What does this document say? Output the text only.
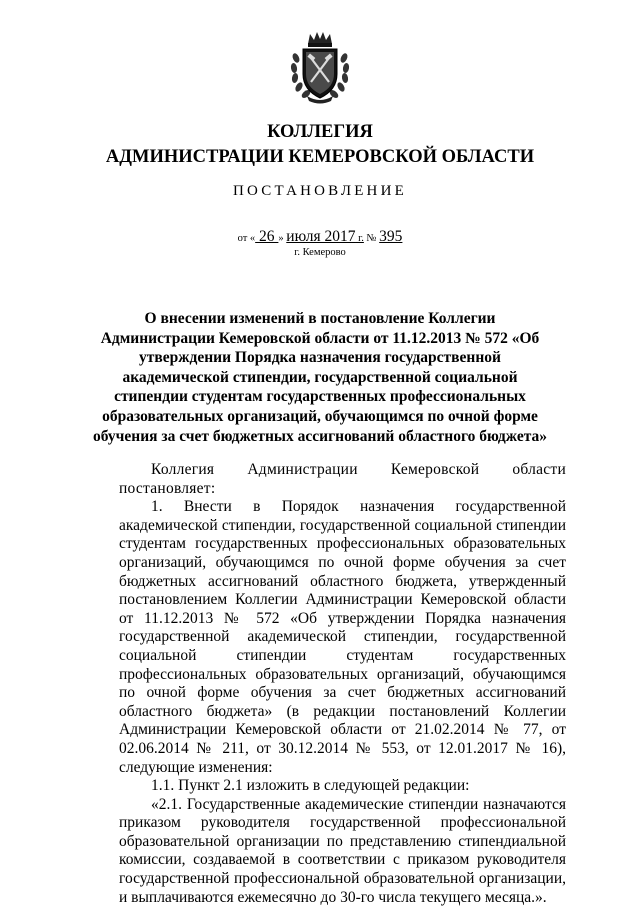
КОЛЛЕГИЯ
АДМИНИСТРАЦИИ КЕМЕРОВСКОЙ ОБЛАСТИ
ПОСТАНОВЛЕНИЕ
от « 26 » июля 2017 г. № 395
г. Кемерово
О внесении изменений в постановление Коллегии Администрации Кемеровской области от 11.12.2013 № 572 «Об утверждении Порядка назначения государственной академической стипендии, государственной социальной стипендии студентам государственных профессиональных образовательных организаций, обучающимся по очной форме обучения за счет бюджетных ассигнований областного бюджета»

Коллегия Администрации Кемеровской области постановляет:

1. Внести в Порядок назначения государственной академической стипендии, государственной социальной стипендии студентам государственных профессиональных образовательных организаций, обучающимся по очной форме обучения за счет бюджетных ассигнований областного бюджета, утвержденный постановлением Коллегии Администрации Кемеровской области от 11.12.2013 № 572 «Об утверждении Порядка назначения государственной академической стипендии, государственной социальной стипендии студентам государственных профессиональных образовательных организаций, обучающимся по очной форме обучения за счет бюджетных ассигнований областного бюджета» (в редакции постановлений Коллегии Администрации Кемеровской области от 21.02.2014 № 77, от 02.06.2014 № 211, от 30.12.2014 № 553, от 12.01.2017 № 16), следующие изменения:

1.1. Пункт 2.1 изложить в следующей редакции:

«2.1. Государственные академические стипендии назначаются приказом руководителя государственной профессиональной образовательной организации по представлению стипендиальной комиссии, создаваемой в соответствии с приказом руководителя государственной профессиональной образовательной организации, и выплачиваются ежемесячно до 30-го числа текущего месяца.».
